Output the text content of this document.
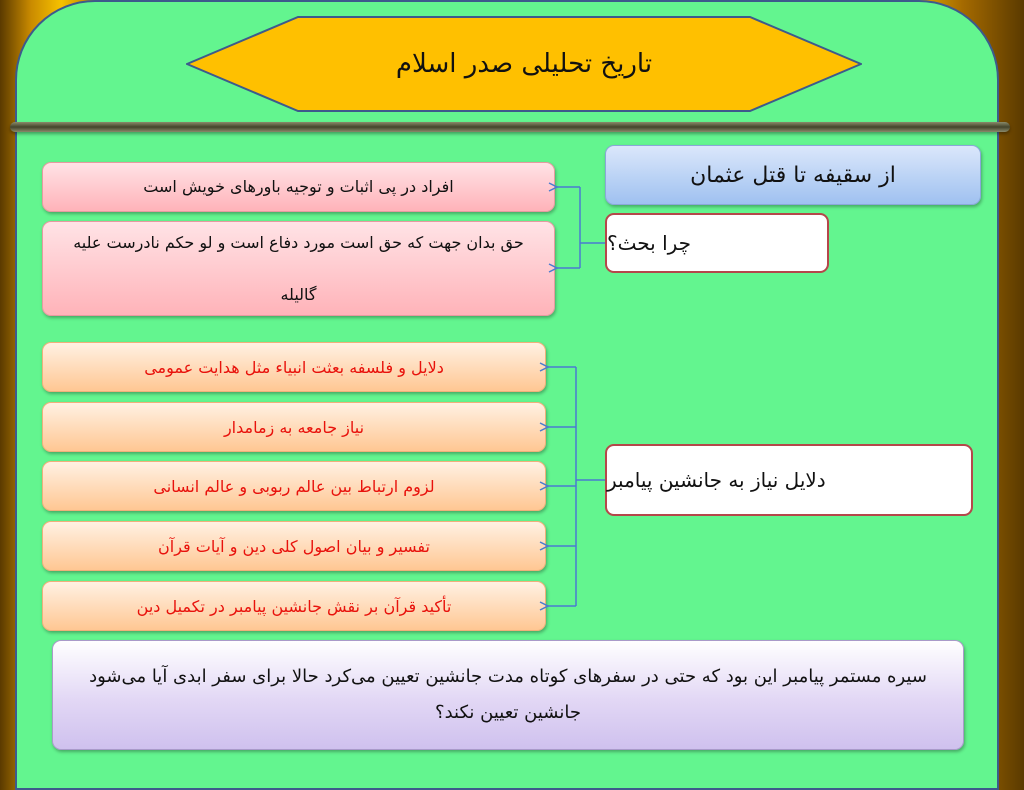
تاریخ تحلیلی صدر اسلام
از سقیفه تا قتل عثمان
چرا بحث؟
افراد در پی اثبات و توجیه باورهای خویش است
حق بدان جهت که حق است مورد دفاع است و لو حکم نادرست علیه گالیله
دلایل نیاز به جانشین پیامبر
دلایل و فلسفه بعثت انبیاء مثل هدایت عمومی
نیاز جامعه به زمامدار
لزوم ارتباط بین عالم ربوبی و عالم انسانی
تفسیر و بیان اصول کلی دین و آیات قرآن
تأکید قرآن بر نقش جانشین پیامبر در تکمیل دین
سیره مستمر پیامبر این بود که حتی در سفرهای کوتاه مدت جانشین تعیین می‌کرد حالا برای سفر ابدی آیا می‌شود جانشین تعیین نکند؟
